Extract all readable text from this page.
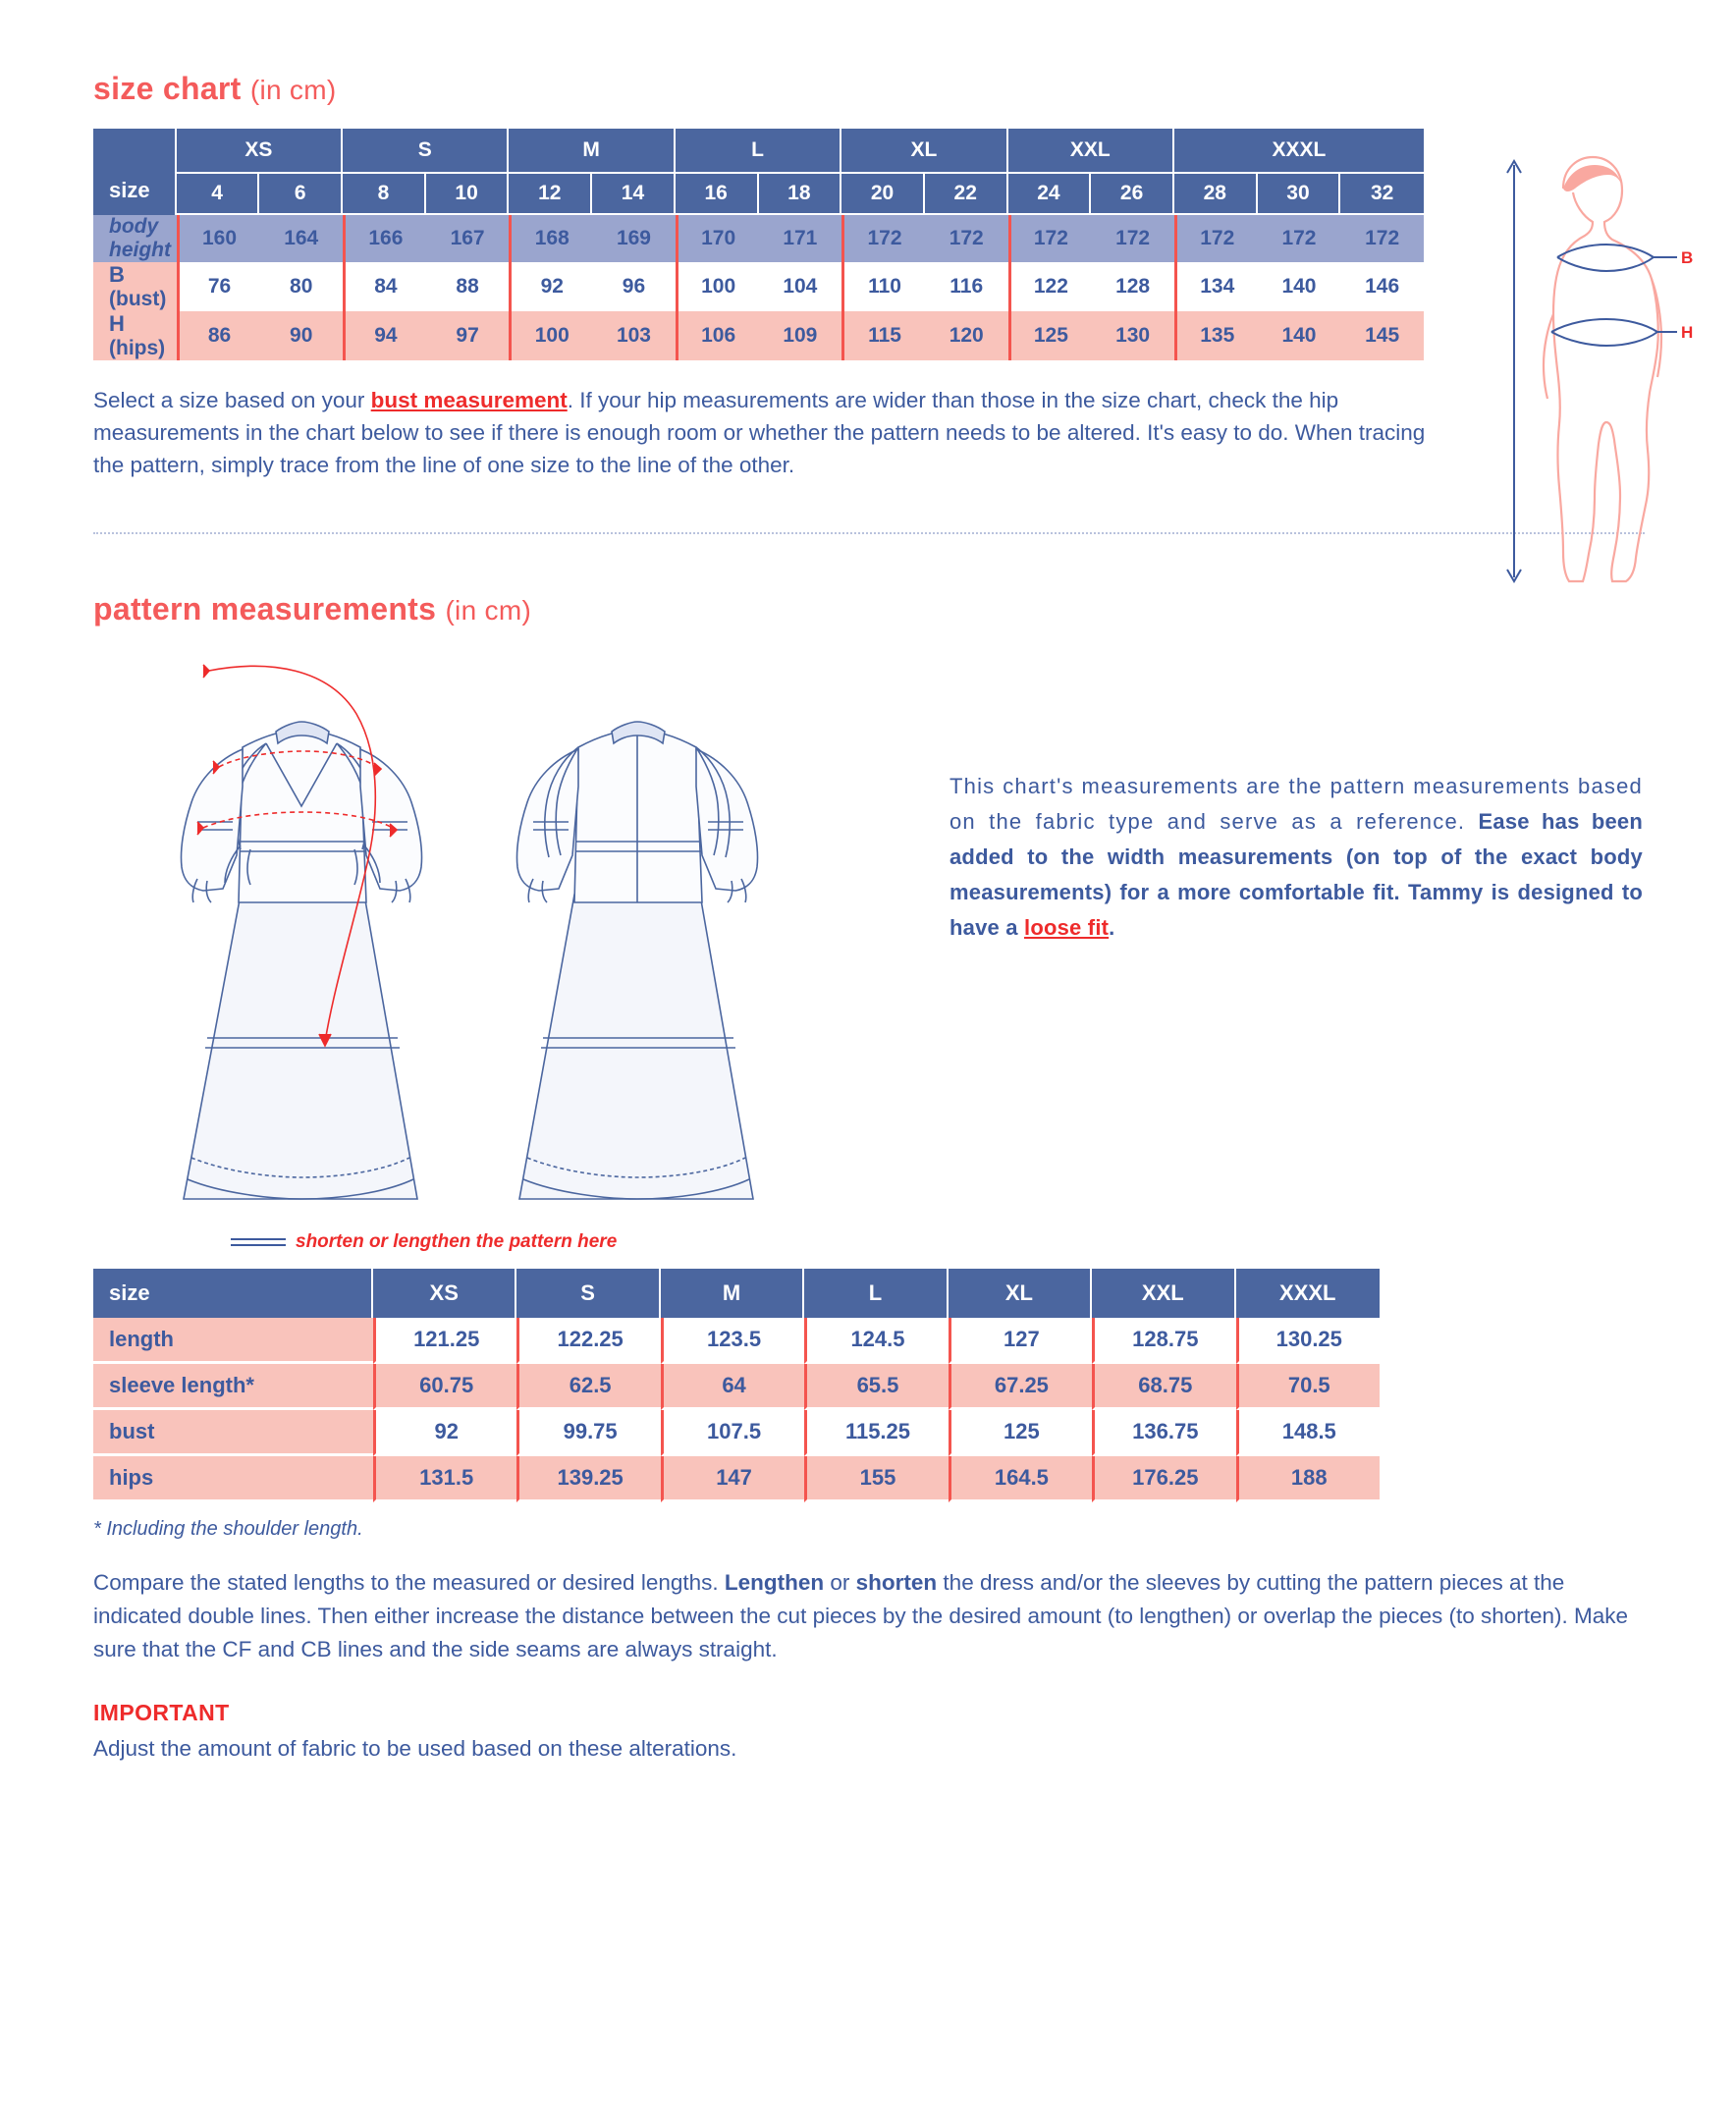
size chart (in cm)
size	XS		S		M		L		XL		XXL		XXXL		
	4	6	8	10	12	14	16	18	20	22	24	26	28	30	32
body height	160	164	166	167	168	169	170	171	172	172	172	172	172	172	172
B (bust)	76	80	84	88	92	96	100	104	110	116	122	128	134	140	146
H (hips)	86	90	94	97	100	103	106	109	115	120	125	130	135	140	145

Select a size based on your bust measurement. If your hip measurements are wider than those in the size chart, check the hip measurements in the chart below to see if there is enough room or whether the pattern needs to be altered. It's easy to do. When tracing the pattern, simply trace from the line of one size to the line of the other.

B
H
pattern measurements (in cm)
shorten or lengthen the pattern here
This chart's measurements are the pattern measurements based on the fabric type and serve as a reference. Ease has been added to the width measurements (on top of the exact body measurements) for a more comfortable fit. Tammy is designed to have a loose fit.
size	XS	S	M	L	XL	XXL	XXXL
length	121.25	122.25	123.5	124.5	127	128.75	130.25
sleeve length*	60.75	62.5	64	65.5	67.25	68.75	70.5
bust	92	99.75	107.5	115.25	125	136.75	148.5
hips	131.5	139.25	147	155	164.5	176.25	188
* Including the shoulder length.

Compare the stated lengths to the measured or desired lengths. Lengthen or shorten the dress and/or the sleeves by cutting the pattern pieces at the indicated double lines. Then either increase the distance between the cut pieces by the desired amount (to lengthen) or overlap the pieces (to shorten). Make sure that the CF and CB lines and the side seams are always straight.

IMPORTANT
Adjust the amount of fabric to be used based on these alterations.
